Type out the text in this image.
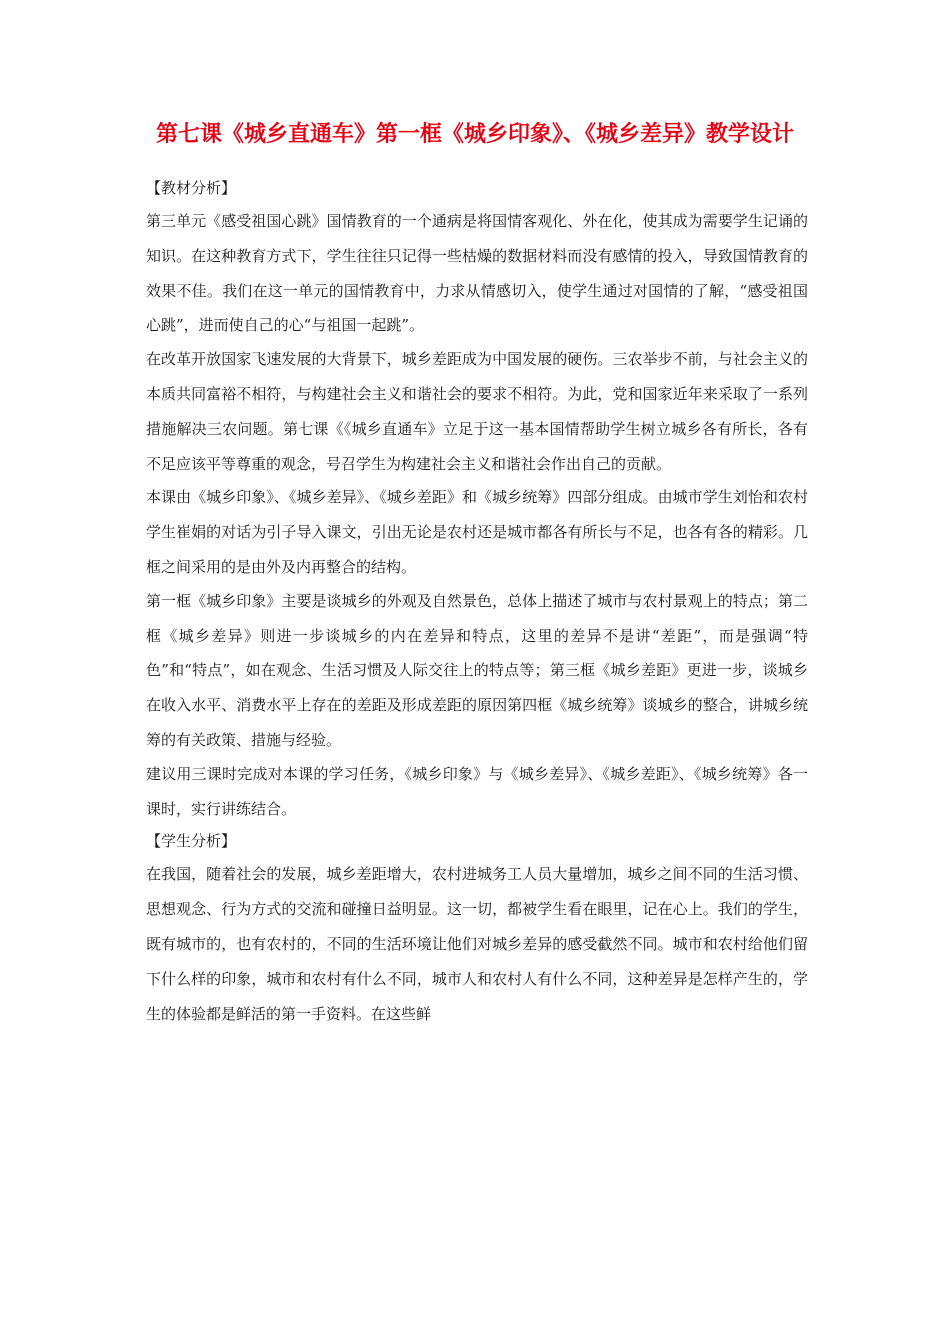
第七课《城乡直通车》第一框《城乡印象》、《城乡差异》教学设计
【教材分析】

第三单元《感受祖国心跳》国情教育的一个通病是将国情客观化、外在化，使其成为需要学生记诵的知识。在这种教育方式下，学生往往只记得一些枯燥的数据材料而没有感情的投入，导致国情教育的效果不佳。我们在这一单元的国情教育中，力求从情感切入，使学生通过对国情的了解，“感受祖国心跳”，进而使自己的心“与祖国一起跳”。

在改革开放国家飞速发展的大背景下，城乡差距成为中国发展的硬伤。三农举步不前，与社会主义的本质共同富裕不相符，与构建社会主义和谐社会的要求不相符。为此，党和国家近年来采取了一系列措施解决三农问题。第七课《《城乡直通车》立足于这一基本国情帮助学生树立城乡各有所长，各有不足应该平等尊重的观念，号召学生为构建社会主义和谐社会作出自己的贡献。

本课由《城乡印象》、《城乡差异》、《城乡差距》和《城乡统筹》四部分组成。由城市学生刘怡和农村学生崔娟的对话为引子导入课文，引出无论是农村还是城市都各有所长与不足，也各有各的精彩。几框之间采用的是由外及内再整合的结构。

第一框《城乡印象》主要是谈城乡的外观及自然景色，总体上描述了城市与农村景观上的特点；第二框《城乡差异》则进一步谈城乡的内在差异和特点，这里的差异不是讲“差距”，而是强调“特色”和“特点”，如在观念、生活习惯及人际交往上的特点等；第三框《城乡差距》更进一步，谈城乡在收入水平、消费水平上存在的差距及形成差距的原因第四框《城乡统筹》谈城乡的整合，讲城乡统筹的有关政策、措施与经验。

建议用三课时完成对本课的学习任务，《城乡印象》与《城乡差异》、《城乡差距》、《城乡统筹》各一课时，实行讲练结合。

【学生分析】

在我国，随着社会的发展，城乡差距增大，农村进城务工人员大量增加，城乡之间不同的生活习惯、思想观念、行为方式的交流和碰撞日益明显。这一切，都被学生看在眼里，记在心上。我们的学生，既有城市的，也有农村的，不同的生活环境让他们对城乡差异的感受截然不同。城市和农村给他们留下什么样的印象，城市和农村有什么不同，城市人和农村人有什么不同，这种差异是怎样产生的，学生的体验都是鲜活的第一手资料。在这些鲜
